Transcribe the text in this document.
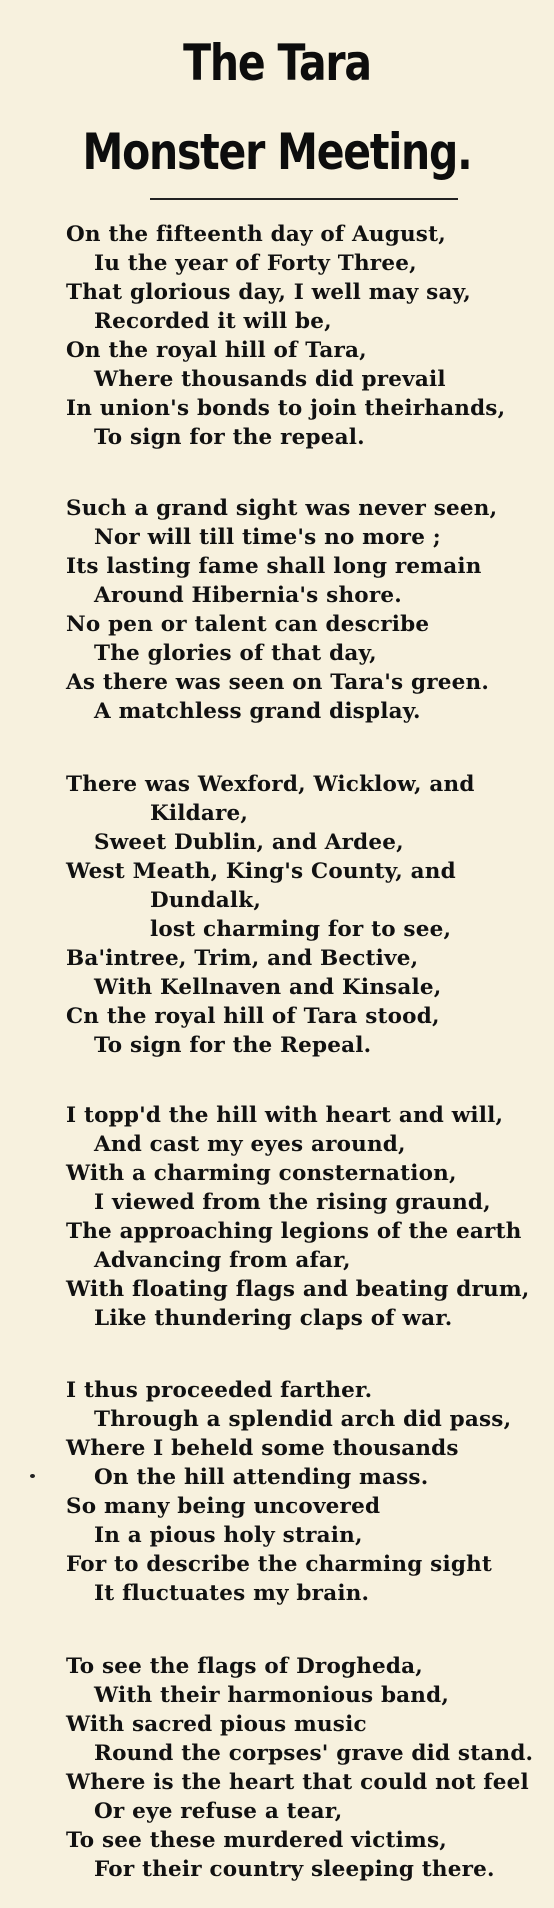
The Tara
Monster Meeting.
On the fifteenth day of August,
Iu the year of Forty Three,
That glorious day, I well may say,
Recorded it will be,
On the royal hill of Tara,
Where thousands did prevail
In union's bonds to join theirhands,
To sign for the repeal.
Such a grand sight was never seen,
Nor will till time's no more ;
Its lasting fame shall long remain
Around Hibernia's shore.
No pen or talent can describe
The glories of that day,
As there was seen on Tara's green.
A matchless grand display.
There was Wexford, Wicklow, and
Kildare,
Sweet Dublin, and Ardee,
West Meath, King's County, and
Dundalk,
lost charming for to see,
Ba'intree, Trim, and Bective,
With Kellnaven and Kinsale,
Cn the royal hill of Tara stood,
To sign for the Repeal.
I topp'd the hill with heart and will,
And cast my eyes around,
With a charming consternation,
I viewed from the rising graund,
The approaching legions of the earth
Advancing from afar,
With floating flags and beating drum,
Like thundering claps of war.
I thus proceeded farther.
Through a splendid arch did pass,
Where I beheld some thousands
On the hill attending mass.
So many being uncovered
In a pious holy strain,
For to describe the charming sight
It fluctuates my brain.
To see the flags of Drogheda,
With their harmonious band,
With sacred pious music
Round the corpses' grave did stand.
Where is the heart that could not feel
Or eye refuse a tear,
To see these murdered victims,
For their country sleeping there.
